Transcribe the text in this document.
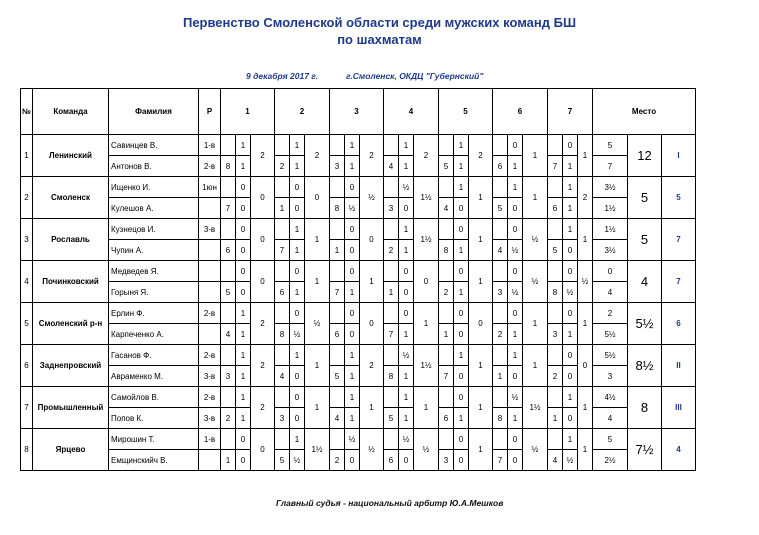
Первенство Смоленской области среди мужских команд БШ
по шахматам
9 декабря 2017 г.	г.Смоленск, ОКДЦ "Губернский"
№	Команда	Фамилия	Р	1			2			3			4			5			6			7			Место		
1	Ленинский	Савинцев В.	1-в		1	2		1	2		1	2		1	2		1	2		0	1		0	1	5	12	I
		Антонов В.	2-в	8	1		2	1		3	1		4	1		5	1		6	1		7	1		7		
2	Смоленск	Ищенко И.	1юн		0	0		0	0		0	½		½	1½		1	1		1	1		1	2	3½	5	5
		Кулешов А.		7	0		1	0		8	½		3	0		4	0		5	0		6	1		1½		
3	Рославль	Кузнецов И.	3-в		0	0		1	1		0	0		1	1½		0	1		0	½		1	1	1½	5	7
		Чупин А.		6	0		7	1		1	0		2	1		8	1		4	½		5	0		3½		
4	Починковский	Медведев Я.			0	0		0	1		0	1		0	0		0	1		0	½		0	½	0	4	7
		Горыня Я.		5	0		6	1		7	1		1	0		2	1		3	½		8	½		4		
5	Смоленский р-н	Ерлин Ф.	2-в		1	2		0	½		0	0		0	1		0	0		0	1		0	1	2	5½	6
		Карпеченко А.		4	1		8	½		6	0		7	1		1	0		2	1		3	1		5½		
6	Заднепровский	Гасанов Ф.	2-в		1	2		1	1		1	2		½	1½		1	1		1	1		0	0	5½	8½	II
		Авраменко М.	3-в	3	1		4	0		5	1		8	1		7	0		1	0		2	0		3		
7	Промышленный	Самойлов В.	2-в		1	2		0	1		1	1		1	1		0	1		½	1½		1	1	4½	8	III
		Попов К.	3-в	2	1		3	0		4	1		5	1		6	1		8	1		1	0		4		
8	Ярцево	Мирошин Т.	1-в		0	0		1	1½		½	½		½	½		0	1		0	½		1	1	5	7½	4
		Емщинскийч В.		1	0		5	½		2	0		6	0		3	0		7	0		4	½		2½		
Главный судья - национальный арбитр Ю.А.Мешков
